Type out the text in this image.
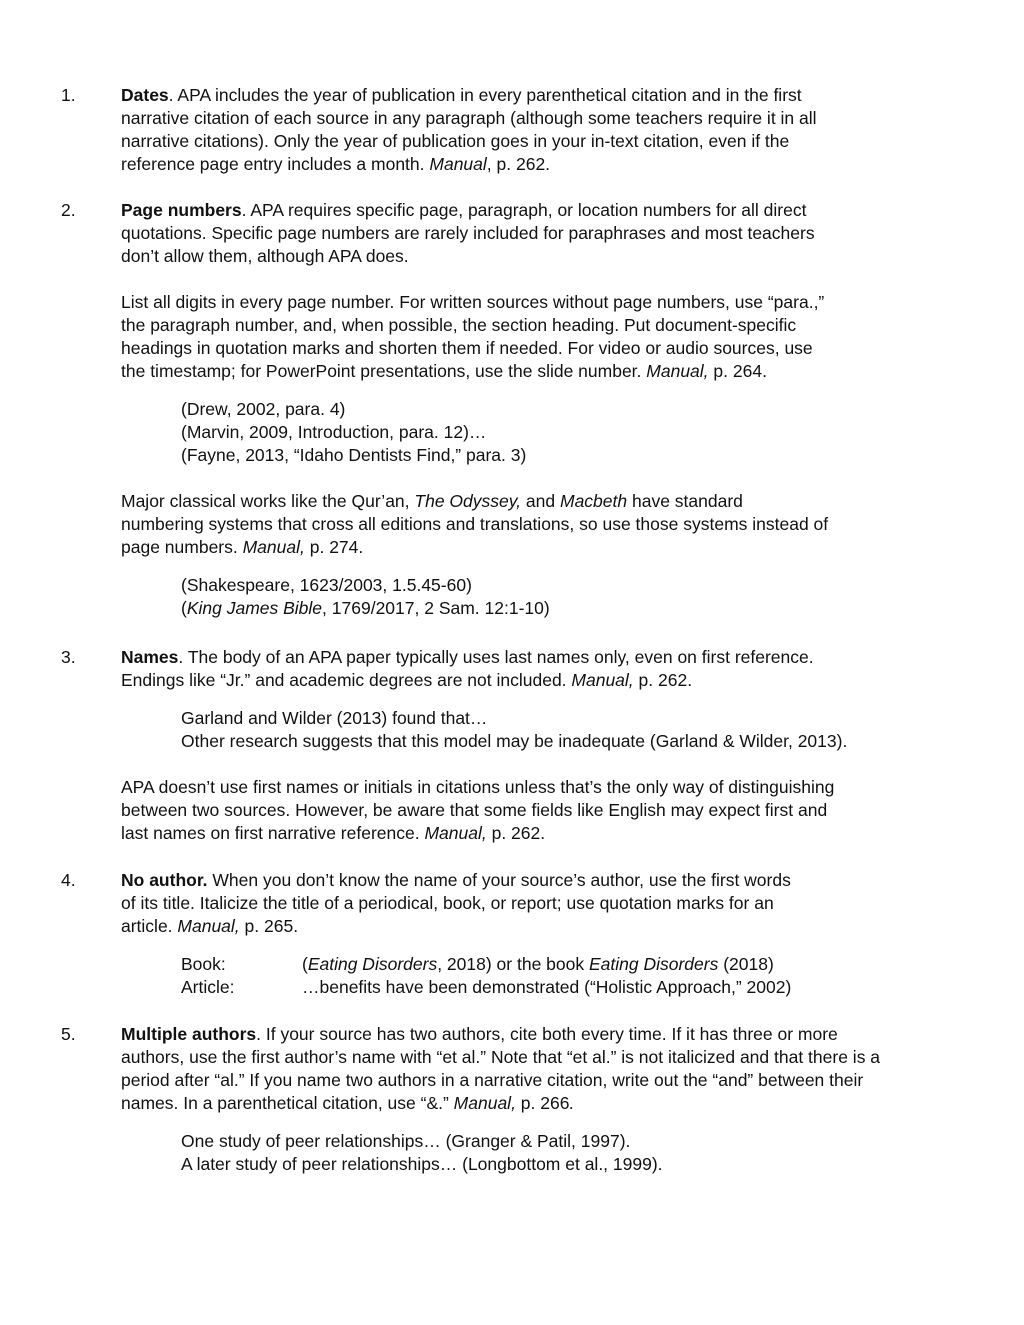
1.	Dates. APA includes the year of publication in every parenthetical citation and in the first
narrative citation of each source in any paragraph (although some teachers require it in all
narrative citations). Only the year of publication goes in your in-text citation, even if the
reference page entry includes a month. Manual, p. 262.

2.	Page numbers. APA requires specific page, paragraph, or location numbers for all direct
quotations. Specific page numbers are rarely included for paraphrases and most teachers
don’t allow them, although APA does.

List all digits in every page number. For written sources without page numbers, use “para.,”
the paragraph number, and, when possible, the section heading. Put document-specific
headings in quotation marks and shorten them if needed. For video or audio sources, use
the timestamp; for PowerPoint presentations, use the slide number. Manual, p. 264.

(Drew, 2002, para. 4)
(Marvin, 2009, Introduction, para. 12)…
(Fayne, 2013, “Idaho Dentists Find,” para. 3)

Major classical works like the Qur’an, The Odyssey, and Macbeth have standard
numbering systems that cross all editions and translations, so use those systems instead of
page numbers. Manual, p. 274.

(Shakespeare, 1623/2003, 1.5.45-60)
(King James Bible, 1769/2017, 2 Sam. 12:1-10)
3.	Names. The body of an APA paper typically uses last names only, even on first reference.
Endings like “Jr.” and academic degrees are not included. Manual, p. 262.

Garland and Wilder (2013) found that…
Other research suggests that this model may be inadequate (Garland & Wilder, 2013).

APA doesn’t use first names or initials in citations unless that’s the only way of distinguishing
between two sources. However, be aware that some fields like English may expect first and
last names on first narrative reference. Manual, p. 262.

4.	No author. When you don’t know the name of your source’s author, use the first words
of its title. Italicize the title of a periodical, book, or report; use quotation marks for an
article. Manual, p. 265.

Book:	(Eating Disorders, 2018) or the book Eating Disorders (2018)
Article:	…benefits have been demonstrated (“Holistic Approach,” 2002)
5.	Multiple authors. If your source has two authors, cite both every time. If it has three or more
authors, use the first author’s name with “et al.” Note that “et al.” is not italicized and that there is a
period after “al.” If you name two authors in a narrative citation, write out the “and” between their
names. In a parenthetical citation, use “&.” Manual, p. 266.

One study of peer relationships… (Granger & Patil, 1997).
A later study of peer relationships… (Longbottom et al., 1999).
